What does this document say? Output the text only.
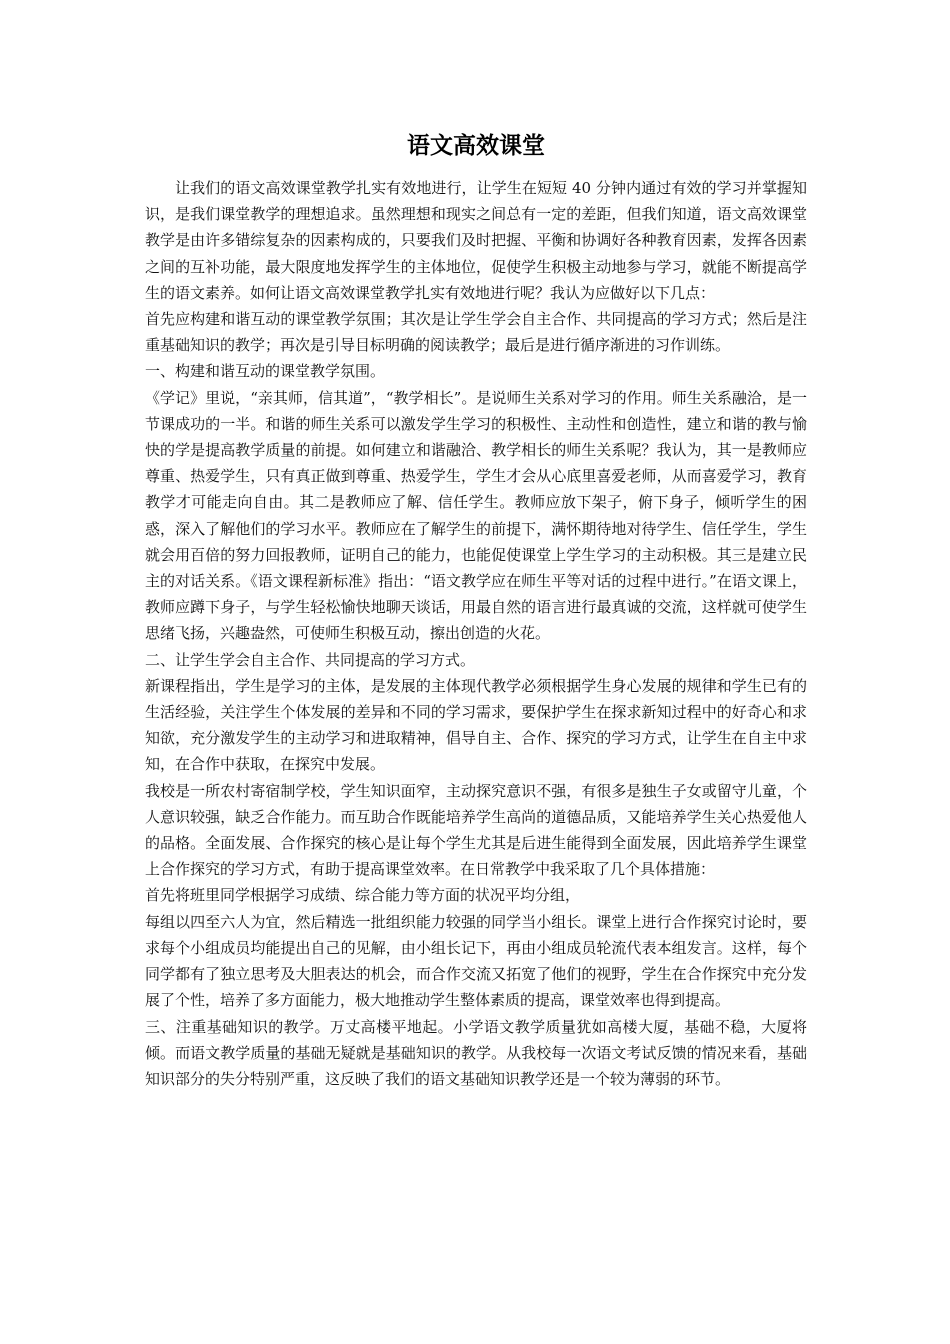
语文高效课堂

让我们的语文高效课堂教学扎实有效地进行，让学生在短短 40 分钟内通过有效的学习并掌握知识，是我们课堂教学的理想追求。虽然理想和现实之间总有一定的差距，但我们知道，语文高效课堂教学是由许多错综复杂的因素构成的，只要我们及时把握、平衡和协调好各种教育因素，发挥各因素之间的互补功能，最大限度地发挥学生的主体地位，促使学生积极主动地参与学习，就能不断提高学生的语文素养。如何让语文高效课堂教学扎实有效地进行呢？我认为应做好以下几点：

首先应构建和谐互动的课堂教学氛围；其次是让学生学会自主合作、共同提高的学习方式；然后是注重基础知识的教学；再次是引导目标明确的阅读教学；最后是进行循序渐进的习作训练。

一、构建和谐互动的课堂教学氛围。

《学记》里说，“亲其师，信其道”，“教学相长”。是说师生关系对学习的作用。师生关系融洽，是一节课成功的一半。和谐的师生关系可以激发学生学习的积极性、主动性和创造性，建立和谐的教与愉快的学是提高教学质量的前提。如何建立和谐融洽、教学相长的师生关系呢？我认为，其一是教师应尊重、热爱学生，只有真正做到尊重、热爱学生，学生才会从心底里喜爱老师，从而喜爱学习，教育教学才可能走向自由。其二是教师应了解、信任学生。教师应放下架子，俯下身子，倾听学生的困惑，深入了解他们的学习水平。教师应在了解学生的前提下，满怀期待地对待学生、信任学生，学生就会用百倍的努力回报教师，证明自己的能力，也能促使课堂上学生学习的主动积极。其三是建立民主的对话关系。《语文课程新标准》指出：“语文教学应在师生平等对话的过程中进行。”在语文课上，教师应蹲下身子，与学生轻松愉快地聊天谈话，用最自然的语言进行最真诚的交流，这样就可使学生思绪飞扬，兴趣盎然，可使师生积极互动，擦出创造的火花。

二、让学生学会自主合作、共同提高的学习方式。

新课程指出，学生是学习的主体，是发展的主体现代教学必须根据学生身心发展的规律和学生已有的生活经验，关注学生个体发展的差异和不同的学习需求，要保护学生在探求新知过程中的好奇心和求知欲，充分激发学生的主动学习和进取精神，倡导自主、合作、探究的学习方式，让学生在自主中求知，在合作中获取，在探究中发展。

我校是一所农村寄宿制学校，学生知识面窄，主动探究意识不强，有很多是独生子女或留守儿童，个人意识较强，缺乏合作能力。而互助合作既能培养学生高尚的道德品质，又能培养学生关心热爱他人的品格。全面发展、合作探究的核心是让每个学生尤其是后进生能得到全面发展，因此培养学生课堂上合作探究的学习方式，有助于提高课堂效率。在日常教学中我采取了几个具体措施：

首先将班里同学根据学习成绩、综合能力等方面的状况平均分组，

每组以四至六人为宜，然后精选一批组织能力较强的同学当小组长。课堂上进行合作探究讨论时，要求每个小组成员均能提出自己的见解，由小组长记下，再由小组成员轮流代表本组发言。这样，每个同学都有了独立思考及大胆表达的机会，而合作交流又拓宽了他们的视野，学生在合作探究中充分发展了个性，培养了多方面能力，极大地推动学生整体素质的提高，课堂效率也得到提高。

三、注重基础知识的教学。万丈高楼平地起。小学语文教学质量犹如高楼大厦，基础不稳，大厦将倾。而语文教学质量的基础无疑就是基础知识的教学。从我校每一次语文考试反馈的情况来看，基础知识部分的失分特别严重，这反映了我们的语文基础知识教学还是一个较为薄弱的环节。
